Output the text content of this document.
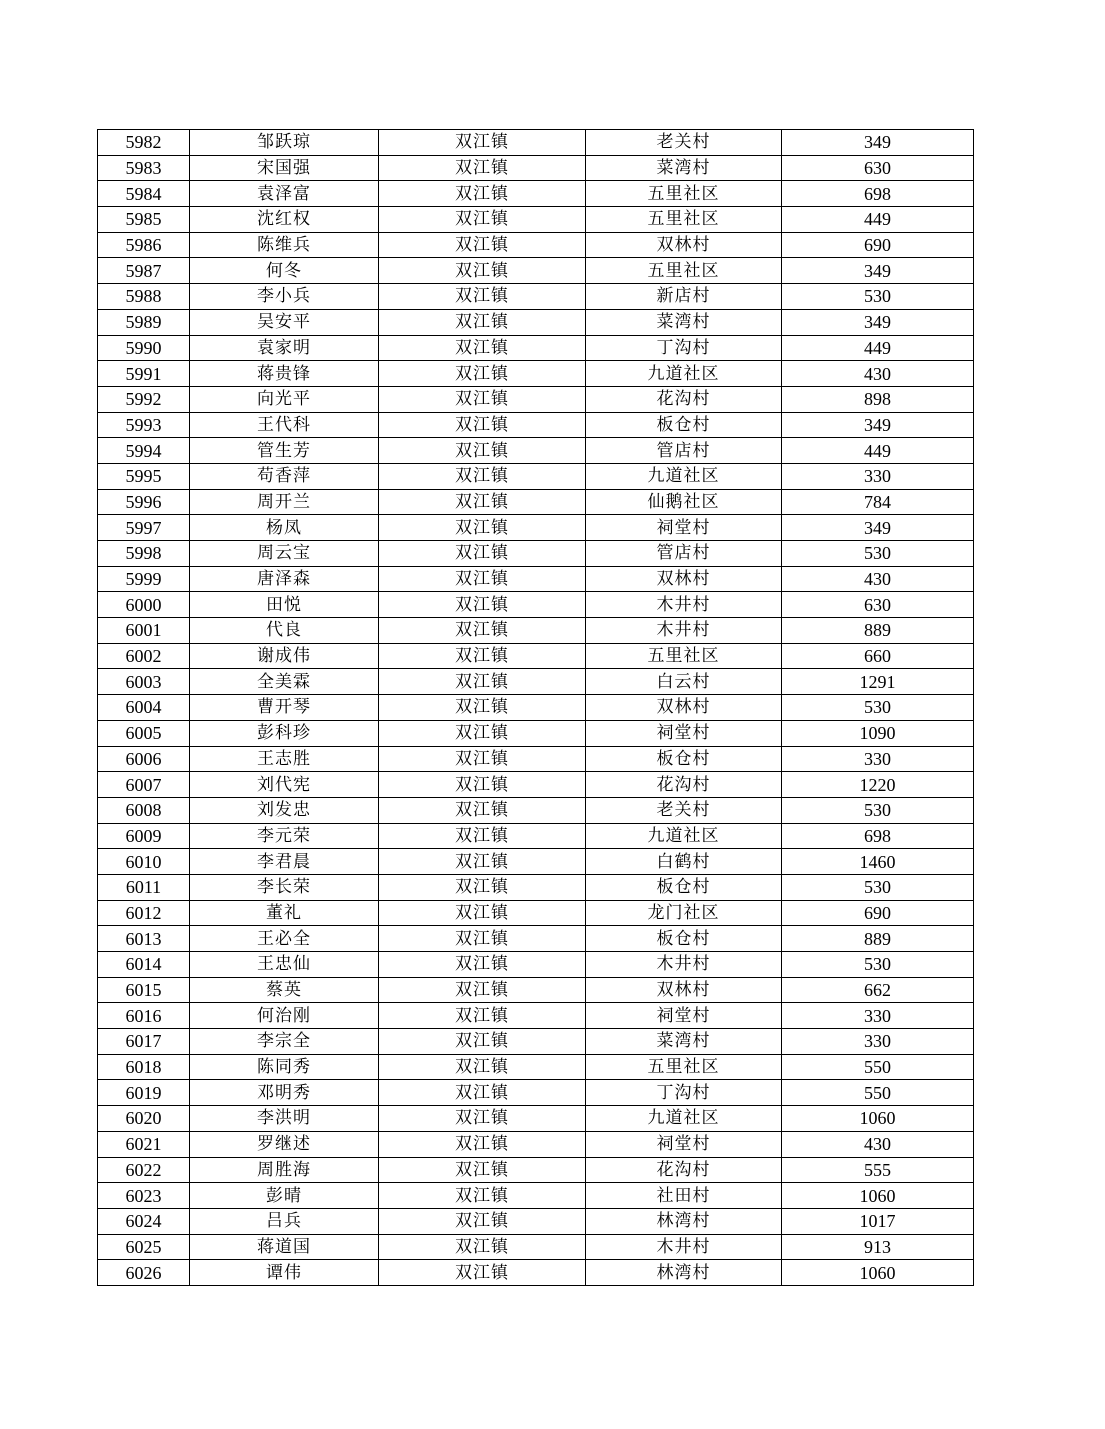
5982	邹跃琼	双江镇	老关村	349
5983	宋国强	双江镇	菜湾村	630
5984	袁泽富	双江镇	五里社区	698
5985	沈红权	双江镇	五里社区	449
5986	陈维兵	双江镇	双林村	690
5987	何冬	双江镇	五里社区	349
5988	李小兵	双江镇	新店村	530
5989	吴安平	双江镇	菜湾村	349
5990	袁家明	双江镇	丁沟村	449
5991	蒋贵锋	双江镇	九道社区	430
5992	向光平	双江镇	花沟村	898
5993	王代科	双江镇	板仓村	349
5994	管生芳	双江镇	管店村	449
5995	苟香萍	双江镇	九道社区	330
5996	周开兰	双江镇	仙鹅社区	784
5997	杨凤	双江镇	祠堂村	349
5998	周云宝	双江镇	管店村	530
5999	唐泽森	双江镇	双林村	430
6000	田悦	双江镇	木井村	630
6001	代良	双江镇	木井村	889
6002	谢成伟	双江镇	五里社区	660
6003	全美霖	双江镇	白云村	1291
6004	曹开琴	双江镇	双林村	530
6005	彭科珍	双江镇	祠堂村	1090
6006	王志胜	双江镇	板仓村	330
6007	刘代宪	双江镇	花沟村	1220
6008	刘发忠	双江镇	老关村	530
6009	李元荣	双江镇	九道社区	698
6010	李君晨	双江镇	白鹤村	1460
6011	李长荣	双江镇	板仓村	530
6012	董礼	双江镇	龙门社区	690
6013	王必全	双江镇	板仓村	889
6014	王忠仙	双江镇	木井村	530
6015	蔡英	双江镇	双林村	662
6016	何治刚	双江镇	祠堂村	330
6017	李宗全	双江镇	菜湾村	330
6018	陈同秀	双江镇	五里社区	550
6019	邓明秀	双江镇	丁沟村	550
6020	李洪明	双江镇	九道社区	1060
6021	罗继述	双江镇	祠堂村	430
6022	周胜海	双江镇	花沟村	555
6023	彭晴	双江镇	社田村	1060
6024	吕兵	双江镇	林湾村	1017
6025	蒋道国	双江镇	木井村	913
6026	谭伟	双江镇	林湾村	1060
